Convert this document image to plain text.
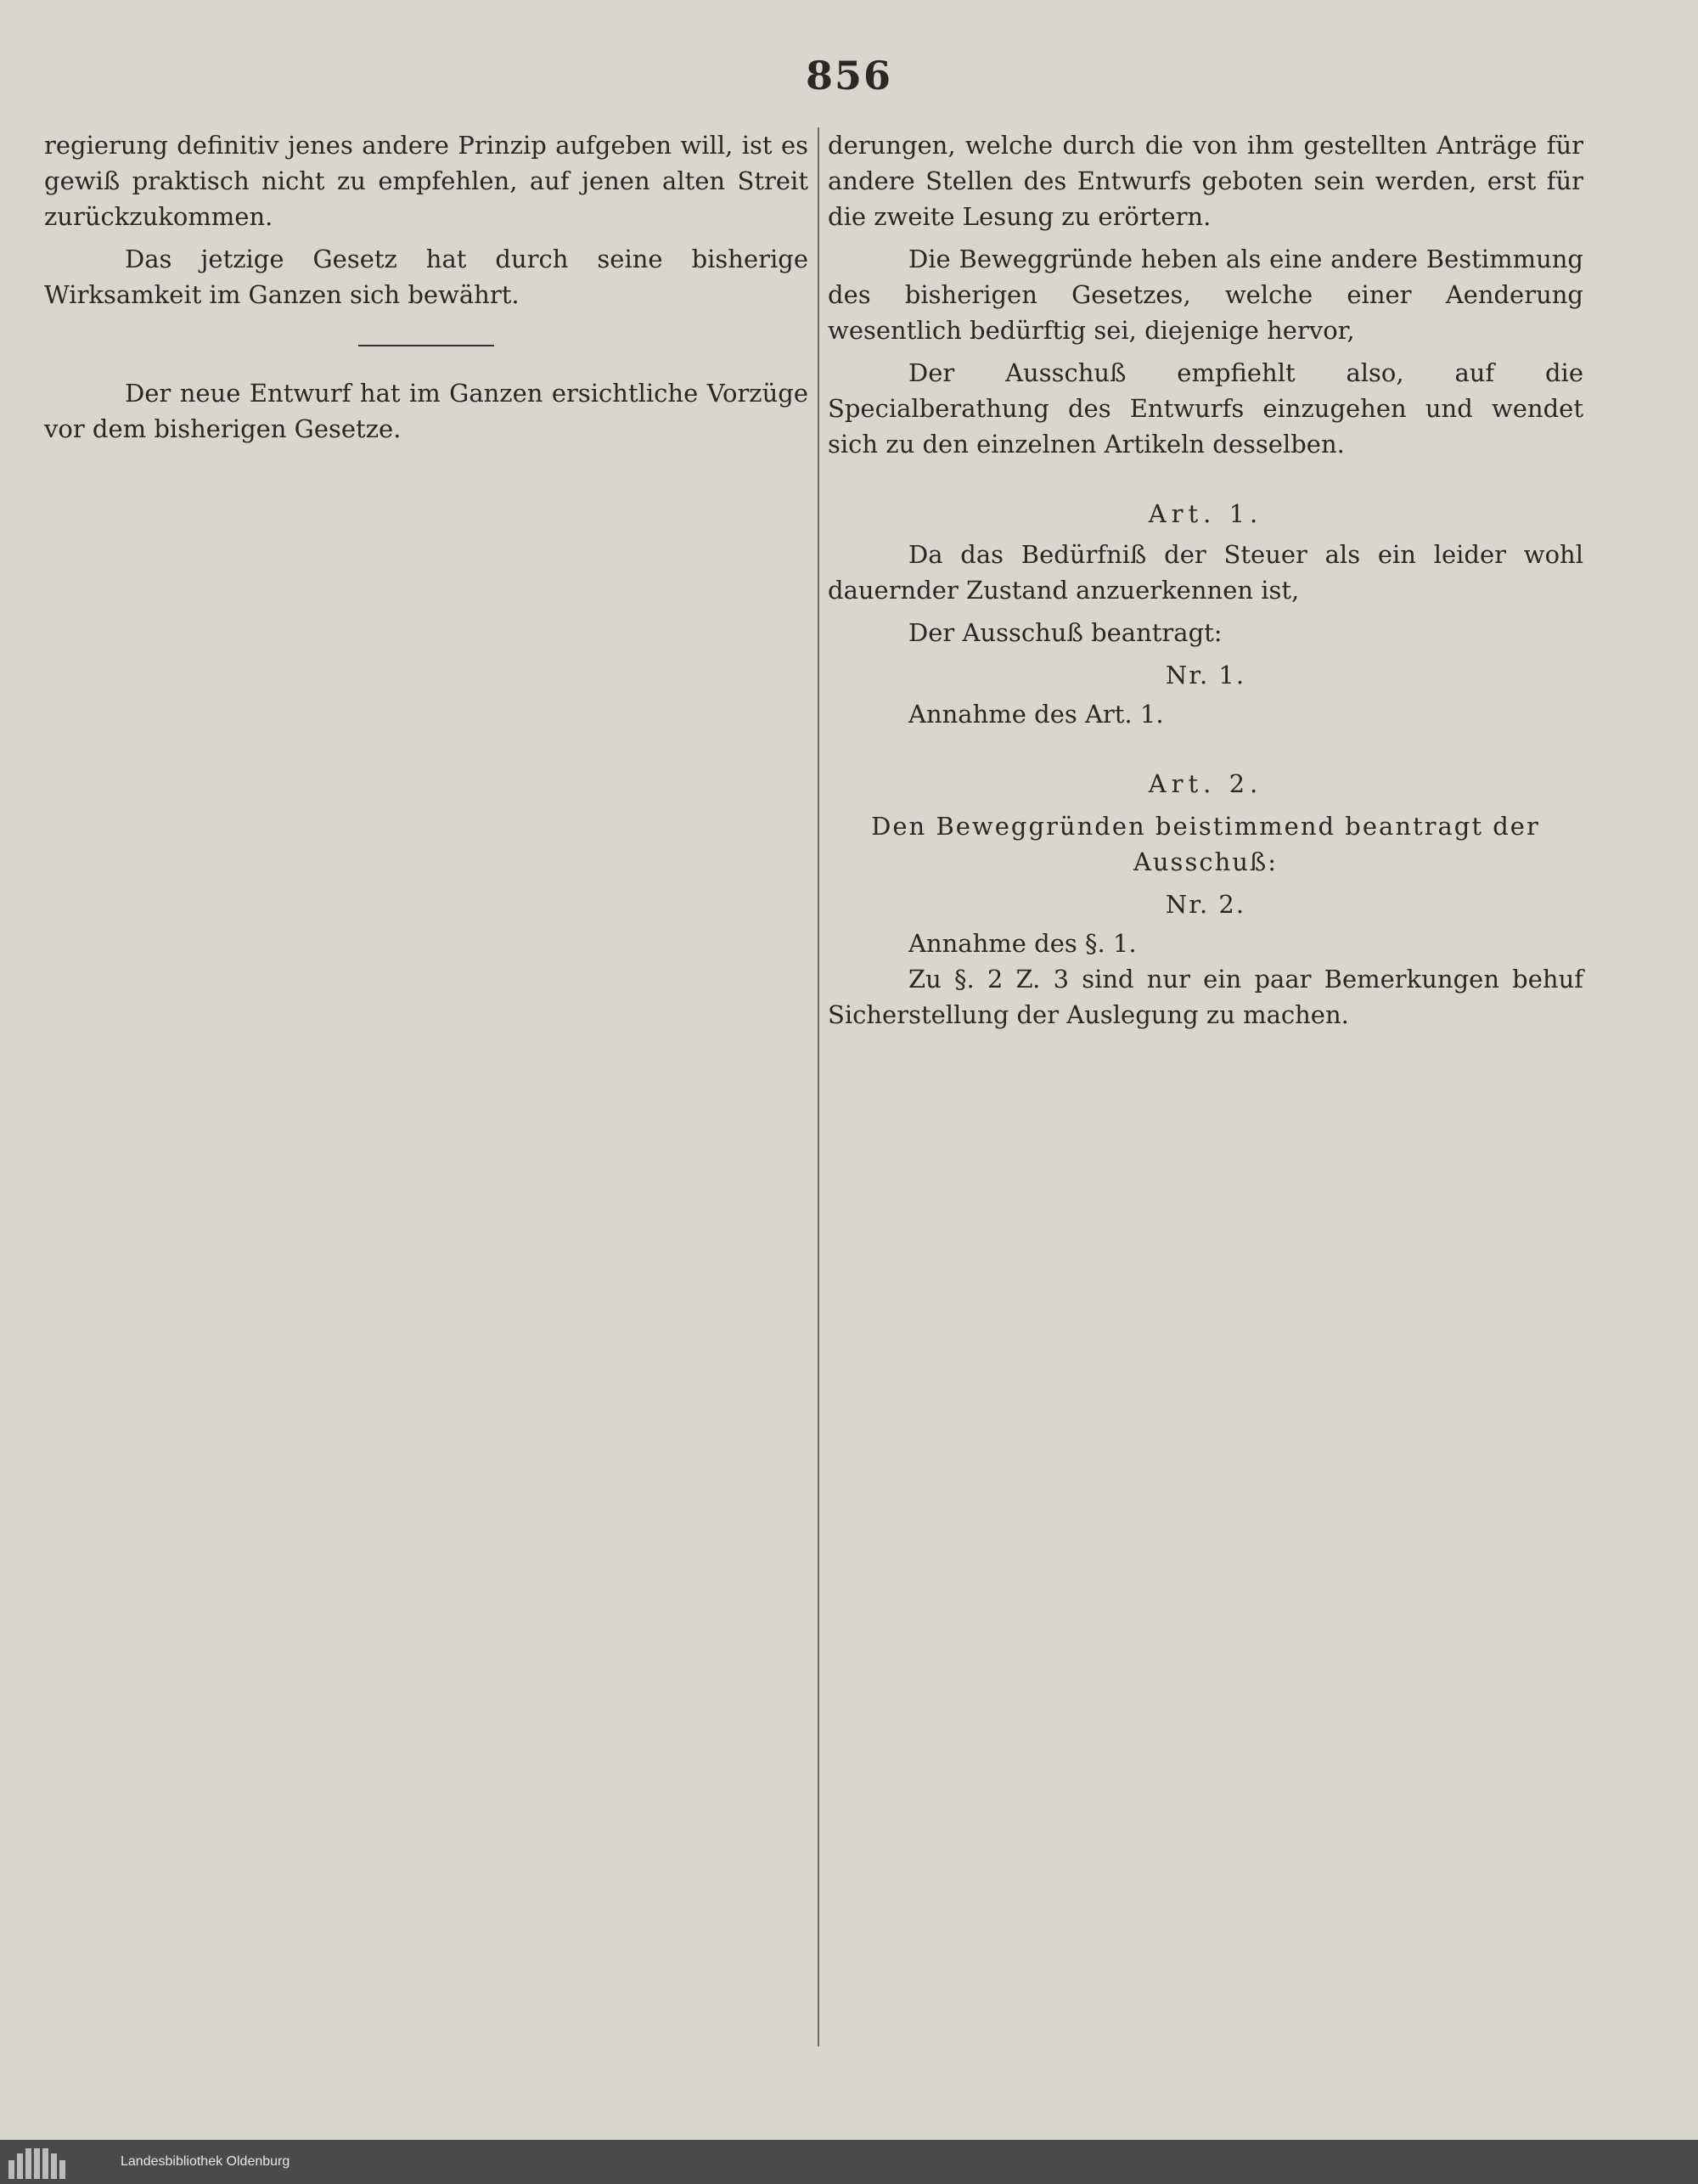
856

regierung definitiv jenes andere Prinzip aufgeben will, ist es gewiß praktisch nicht zu empfehlen, auf jenen alten Streit zurückzukommen.

Das jetzige Gesetz hat durch seine bisherige Wirksamkeit im Ganzen sich bewährt.

Der neue Entwurf hat im Ganzen ersichtliche Vorzüge vor dem bisherigen Gesetze.

derungen, welche durch die von ihm gestellten Anträge für andere Stellen des Entwurfs geboten sein werden, erst für die zweite Lesung zu erörtern.

Die Beweggründe heben als eine andere Bestimmung des bisherigen Gesetzes, welche einer Aenderung wesentlich bedürftig sei, diejenige hervor,

Der Ausschuß empfiehlt also, auf die Specialberathung des Entwurfs einzugehen und wendet sich zu den einzelnen Artikeln desselben.

Art. 1.

Da das Bedürfniß der Steuer als ein leider wohl dauernder Zustand anzuerkennen ist,

Der Ausschuß beantragt:

Nr. 1.
Annahme des Art. 1.
Art. 2.
Den Beweggründen beistimmend beantragt der Ausschuß:
Nr. 2.
Annahme des §. 1.

Zu §. 2 Z. 3 sind nur ein paar Bemerkungen behuf Sicherstellung der Auslegung zu machen.

Landesbibliothek Oldenburg
